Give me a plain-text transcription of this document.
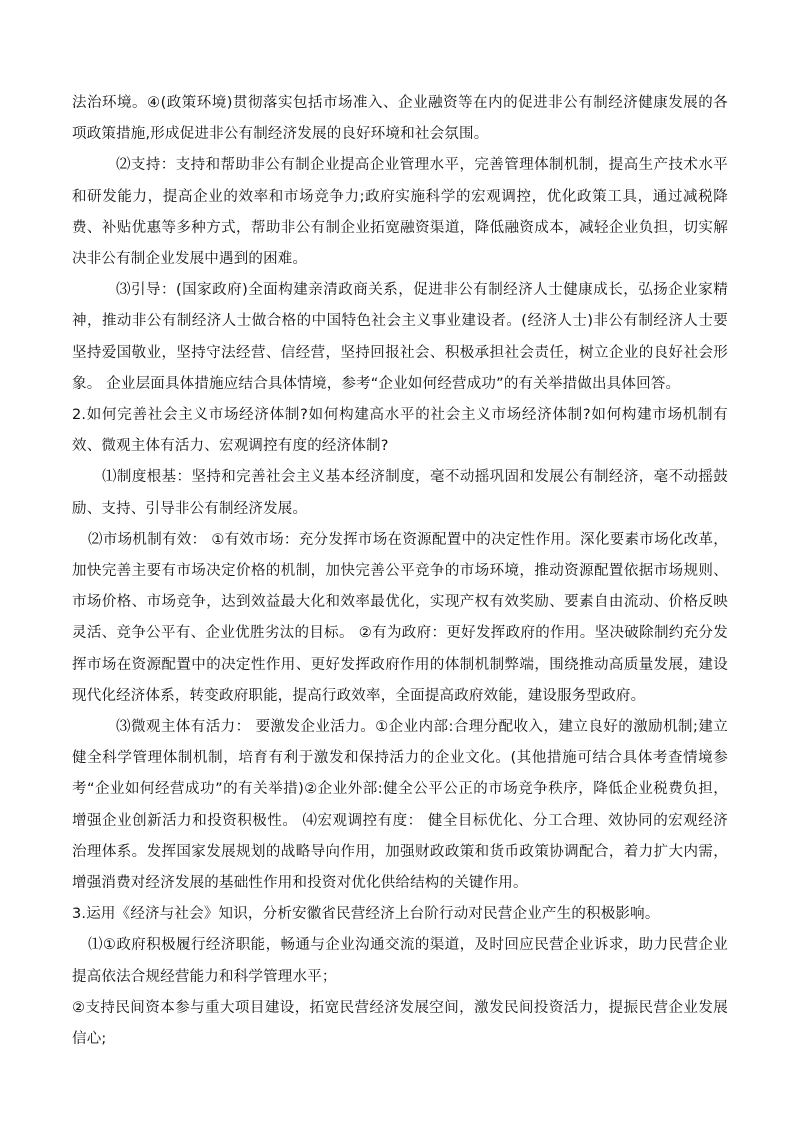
法治环境。④(政策环境)贯彻落实包括市场准入、企业融资等在内的促进非公有制经济健康发展的各项政策措施,形成促进非公有制经济发展的良好环境和社会氛围。

⑵支持：支持和帮助非公有制企业提高企业管理水平，完善管理体制机制，提高生产技术水平和研发能力，提高企业的效率和市场竞争力;政府实施科学的宏观调控，优化政策工具，通过减税降费、补贴优惠等多种方式，帮助非公有制企业拓宽融资渠道，降低融资成本，减轻企业负担，切实解决非公有制企业发展中遇到的困难。

⑶引导：(国家政府)全面构建亲清政商关系，促进非公有制经济人士健康成长，弘扬企业家精神，推动非公有制经济人士做合格的中国特色社会主义事业建设者。(经济人士)非公有制经济人士要坚持爱国敬业，坚持守法经营、信经营，坚持回报社会、积极承担社会责任，树立企业的良好社会形象。 企业层面具体措施应结合具体情境，参考“企业如何经营成功”的有关举措做出具体回答。

2.如何完善社会主义市场经济体制?如何构建高水平的社会主义市场经济体制?如何构建市场机制有效、微观主体有活力、宏观调控有度的经济体制?

⑴制度根基：坚持和完善社会主义基本经济制度，毫不动摇巩固和发展公有制经济，毫不动摇鼓励、支持、引导非公有制经济发展。

⑵市场机制有效： ①有效市场：充分发挥市场在资源配置中的决定性作用。深化要素市场化改革，加快完善主要有市场决定价格的机制，加快完善公平竞争的市场环境，推动资源配置依据市场规则、市场价格、市场竞争，达到效益最大化和效率最优化，实现产权有效奖励、要素自由流动、价格反映灵活、竞争公平有、企业优胜劣汰的目标。 ②有为政府：更好发挥政府的作用。坚决破除制约充分发挥市场在资源配置中的决定性作用、更好发挥政府作用的体制机制弊端，围绕推动高质量发展，建设现代化经济体系，转变政府职能，提高行政效率，全面提高政府效能，建设服务型政府。

⑶微观主体有活力： 要激发企业活力。①企业内部:合理分配收入，建立良好的激励机制;建立健全科学管理体制机制，培育有利于激发和保持活力的企业文化。(其他措施可结合具体考查情境参考“企业如何经营成功”的有关举措)②企业外部:健全公平公正的市场竞争秩序，降低企业税费负担，增强企业创新活力和投资积极性。 ⑷宏观调控有度： 健全目标优化、分工合理、效协同的宏观经济治理体系。发挥国家发展规划的战略导向作用，加强财政政策和货币政策协调配合，着力扩大内需，增强消费对经济发展的基础性作用和投资对优化供给结构的关键作用。

3.运用《经济与社会》知识，分析安徽省民营经济上台阶行动对民营企业产生的积极影响。

⑴①政府积极履行经济职能，畅通与企业沟通交流的渠道，及时回应民营企业诉求，助力民营企业提高依法合规经营能力和科学管理水平；

②支持民间资本参与重大项目建设，拓宽民营经济发展空间，激发民间投资活力，提振民营企业发展信心;
